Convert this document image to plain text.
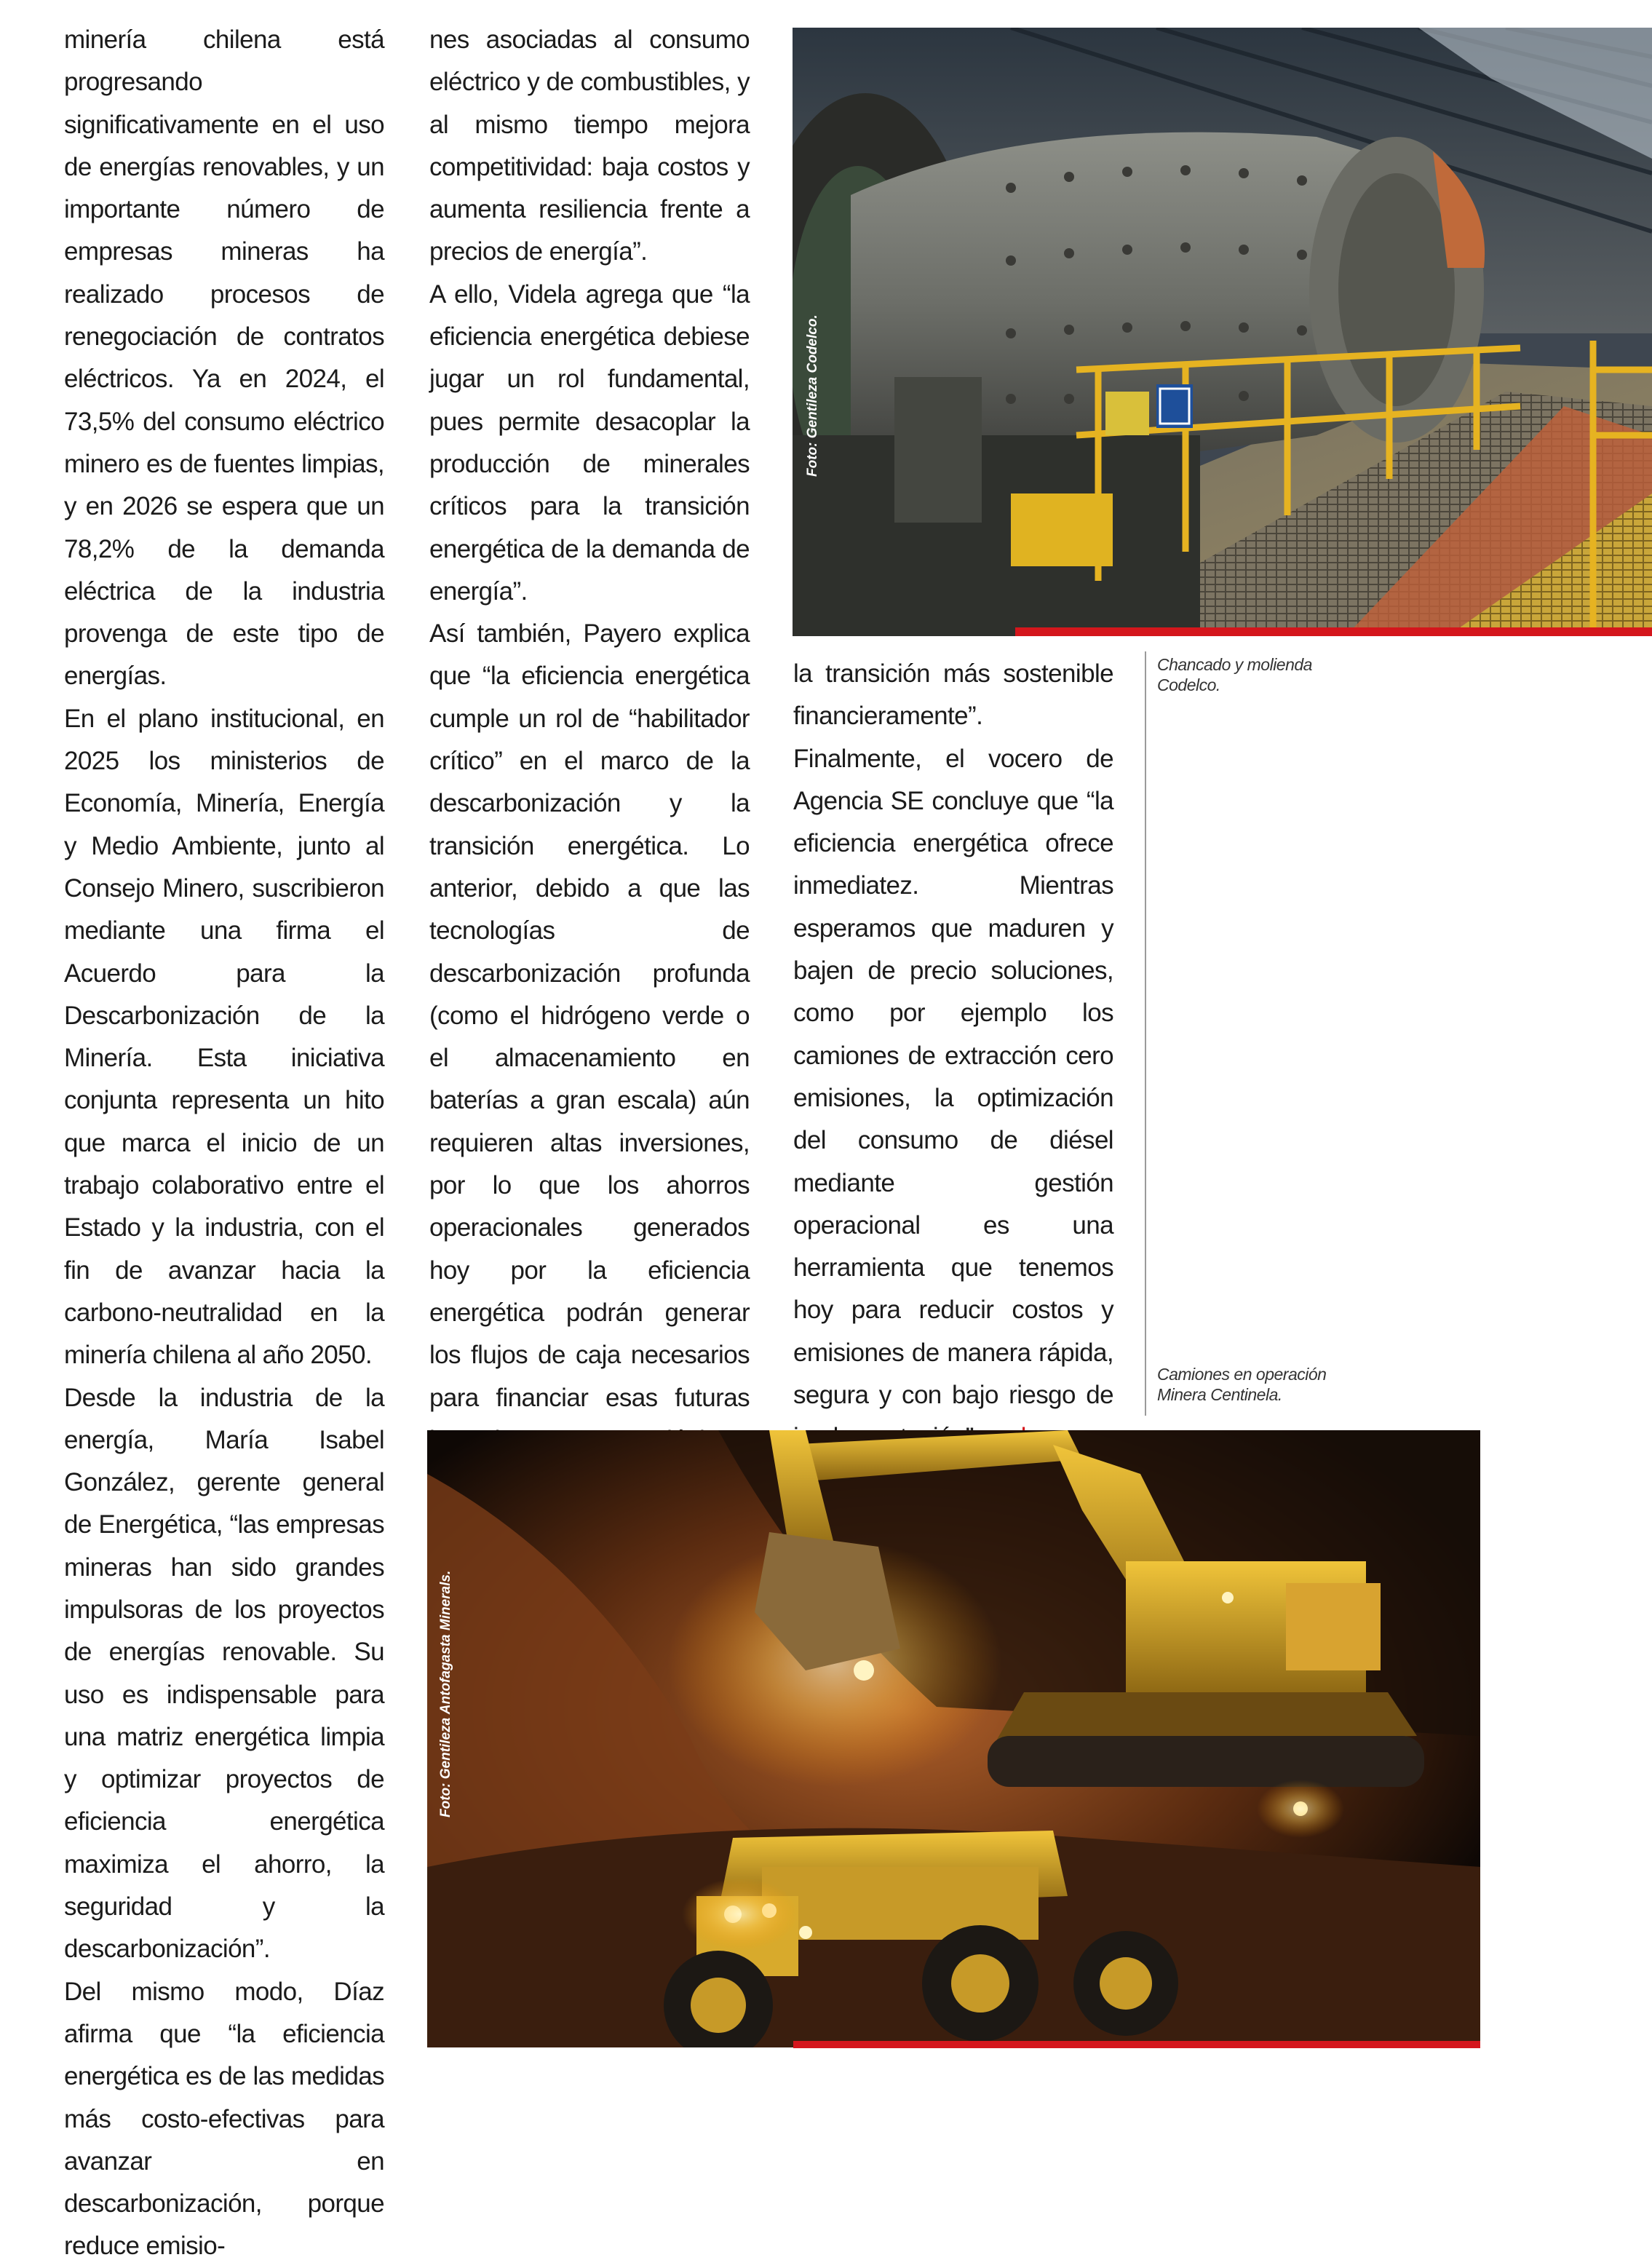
minería chilena está progresando significativamente en el uso de energías renovables, y un importante número de empresas mineras ha realizado procesos de renegociación de contratos eléctricos. Ya en 2024, el 73,5% del consumo eléctrico minero es de fuentes limpias, y en 2026 se espera que un 78,2% de la demanda eléctrica de la industria provenga de este tipo de energías.

En el plano institucional, en 2025 los ministerios de Economía, Minería, Energía y Medio Ambiente, junto al Consejo Minero, suscribieron mediante una firma el Acuerdo para la Descarbonización de la Minería. Esta iniciativa conjunta representa un hito que marca el inicio de un trabajo colaborativo entre el Estado y la industria, con el fin de avanzar hacia la carbono-neutralidad en la minería chilena al año 2050.

Desde la industria de la energía, María Isabel González, gerente general de Energética, “las empresas mineras han sido grandes impulsoras de los proyectos de energías renovable. Su uso es indispensable para una matriz energética limpia y optimizar proyectos de eficiencia energética maximiza el ahorro, la seguridad y la descarbonización”.

Del mismo modo, Díaz afirma que “la eficiencia energética es de las medidas más costo-efectivas para avanzar en descarbonización, porque reduce emisio-

nes asociadas al consumo eléctrico y de combustibles, y al mismo tiempo mejora competitividad: baja costos y aumenta resiliencia frente a precios de energía”.

A ello, Videla agrega que “la eficiencia energética debiese jugar un rol fundamental, pues permite desacoplar la producción de minerales críticos para la transición energética de la demanda de energía”.

Así también, Payero explica que “la eficiencia energética cumple un rol de “habilitador crítico” en el marco de la descarbonización y la transición energética. Lo anterior, debido a que las tecnologías de descarbonización profunda (como el hidrógeno verde o el almacenamiento en baterías a gran escala) aún requieren altas inversiones, por lo que los ahorros operacionales generados hoy por la eficiencia energética podrán generar los flujos de caja necesarios para financiar esas futuras

la transición más sostenible financieramente”.

Finalmente, el vocero de Agencia SE concluye que “la eficiencia energética ofrece inmediatez. Mientras esperamos que maduren y bajen de precio soluciones, como por ejemplo los camiones de extracción cero emisiones, la optimización del consumo de diésel mediante gestión operacional es una herramienta que tenemos hoy para reducir costos y emisiones de manera rápida, segura y con bajo riesgo de

Foto: Gentileza Codelco.
Chancado y molienda
Codelco.
Camiones en operación
Minera Centinela.
Foto: Gentileza Antofagasta Minerals.
